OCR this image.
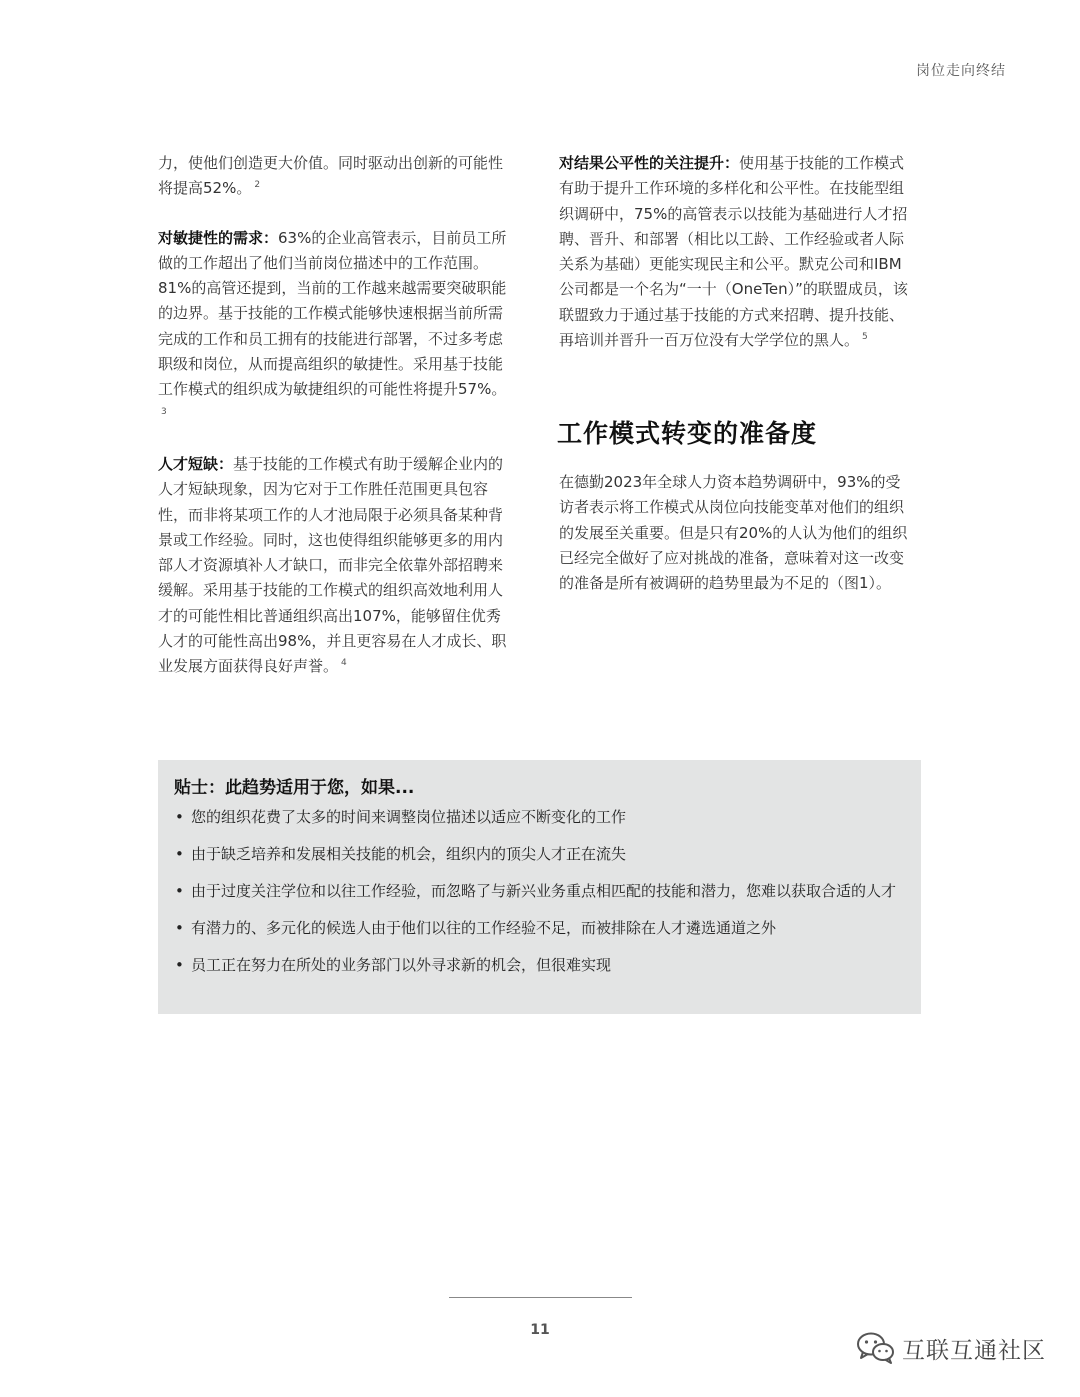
岗位走向终结

力，使他们创造更大价值。同时驱动出创新的可能性将提高52%。 $^2$

对敏捷性的需求：63%的企业高管表示，目前员工所做的工作超出了他们当前岗位描述中的工作范围。81%的高管还提到，当前的工作越来越需要突破职能的边界。基于技能的工作模式能够快速根据当前所需完成的工作和员工拥有的技能进行部署，不过多考虑职级和岗位，从而提高组织的敏捷性。采用基于技能工作模式的组织成为敏捷组织的可能性将提升57%。$^3$

人才短缺：基于技能的工作模式有助于缓解企业内的人才短缺现象，因为它对于工作胜任范围更具包容性，而非将某项工作的人才池局限于必须具备某种背景或工作经验。同时，这也使得组织能够更多的用内部人才资源填补人才缺口，而非完全依靠外部招聘来缓解。采用基于技能的工作模式的组织高效地利用人才的可能性相比普通组织高出107%，能够留住优秀人才的可能性高出98%，并且更容易在人才成长、职业发展方面获得良好声誉。 $^4$

对结果公平性的关注提升：使用基于技能的工作模式有助于提升工作环境的多样化和公平性。在技能型组织调研中，75%的高管表示以技能为基础进行人才招聘、晋升、和部署（相比以工龄、工作经验或者人际关系为基础）更能实现民主和公平。默克公司和IBM公司都是一个名为“一十（OneTen）”的联盟成员，该联盟致力于通过基于技能的方式来招聘、提升技能、再培训并晋升一百万位没有大学学位的黑人。 $^5$

工作模式转变的准备度

在德勤2023年全球人力资本趋势调研中，93%的受访者表示将工作模式从岗位向技能变革对他们的组织的发展至关重要。但是只有20%的人认为他们的组织已经完全做好了应对挑战的准备，意味着对这一改变的准备是所有被调研的趋势里最为不足的（图1）。

贴士：此趋势适用于您，如果...
• 您的组织花费了太多的时间来调整岗位描述以适应不断变化的工作
• 由于缺乏培养和发展相关技能的机会，组织内的顶尖人才正在流失
• 由于过度关注学位和以往工作经验，而忽略了与新兴业务重点相匹配的技能和潜力，您难以获取合适的人才
• 有潜力的、多元化的候选人由于他们以往的工作经验不足，而被排除在人才遴选通道之外
• 员工正在努力在所处的业务部门以外寻求新的机会，但很难实现
11
互联互通社区
